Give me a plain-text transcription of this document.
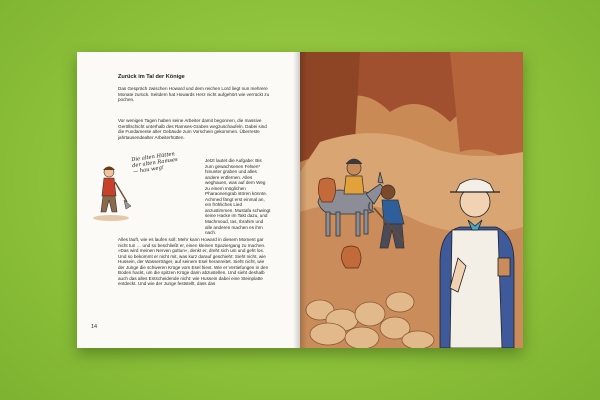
Zurück im Tal der Könige

Das Gespräch zwischen Howard und dem reichen Lord liegt nun mehrere Monate zurück. Seitdem hat Howards Herz nicht aufgehört wie verrückt zu pochen.

Vor wenigen Tagen haben seine Arbeiter damit begonnen, die massive Geröllschicht unterhalb des Ramses-Grabes wegzuschaufeln. Dabei sind die Fundamente alter Gebäude zum Vorschein gekommen. Überreste jahrtausendealter Arbeiterhütten.

Die alten Hütten der alten Ramses — hau weg!

Jetzt lautet die Aufgabe: Bis zum gewachsenen Felsen* hinunter graben und alles andere entfernen. Alles weghauen, was auf dem Weg zu einem möglichen Pharaonengrab stören könnte. Achmed fängt erst einmal an, ein fröhliches Lied anzustimmen. Mustafa schwingt seine Hacke im Takt dazu, und Machmoud, Ias, Ibrahim und alle anderen machen es ihm nach.

Alles läuft, wie es laufen soll. Mehr kann Howard in diesem Moment gar nicht tun … und so beschließt er, einen kleinen Spaziergang zu machen. »Das wird meinen Nerven guttun«, denkt er, dreht sich um und geht los. Und so bekommt er nicht mit, was kurz darauf geschieht: Sieht nicht, wie Hussein, der Wasserträger, auf seinem Esel heranreitet. Sieht nicht, wie der Junge die schweren Krüge vom Esel hievt. Wie er Vertiefungen in den Boden hackt, um die spitzen Krüge darin abzustellen. Und sieht deshalb auch das alles Entscheidende nicht: wie Hussein dabei eine Steinplatte entdeckt. Und wie der Junge feststellt, dass das

14
